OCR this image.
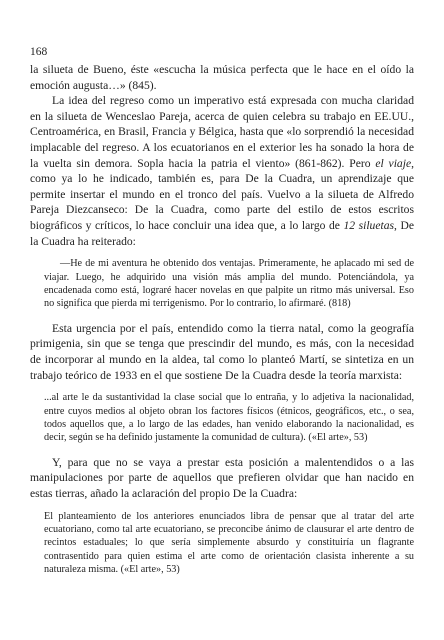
168

la silueta de Bueno, éste «escucha la música perfecta que le hace en el oído la emoción augusta…» (845).

La idea del regreso como un imperativo está expresada con mucha claridad en la silueta de Wenceslao Pareja, acerca de quien celebra su trabajo en EE.UU., Centroamérica, en Brasil, Francia y Bélgica, hasta que «lo sorprendió la necesidad implacable del regreso. A los ecuatorianos en el exterior les ha sonado la hora de la vuelta sin demora. Sopla hacia la patria el viento» (861-862). Pero el viaje, como ya lo he indicado, también es, para De la Cuadra, un aprendizaje que permite insertar el mundo en el tronco del país. Vuelvo a la silueta de Alfredo Pareja Diezcanseco: De la Cuadra, como parte del estilo de estos escritos biográficos y críticos, lo hace concluir una idea que, a lo largo de 12 siluetas, De la Cuadra ha reiterado:

—He de mi aventura he obtenido dos ventajas. Primeramente, he aplacado mi sed de viajar. Luego, he adquirido una visión más amplia del mundo. Potenciándola, ya encadenada como está, lograré hacer novelas en que palpite un ritmo más universal. Eso no significa que pierda mi terrigenismo. Por lo contrario, lo afirmaré. (818)

Esta urgencia por el país, entendido como la tierra natal, como la geografía primigenia, sin que se tenga que prescindir del mundo, es más, con la necesidad de incorporar al mundo en la aldea, tal como lo planteó Martí, se sintetiza en un trabajo teórico de 1933 en el que sostiene De la Cuadra desde la teoría marxista:

...al arte le da sustantividad la clase social que lo entraña, y lo adjetiva la nacionalidad, entre cuyos medios al objeto obran los factores físicos (étnicos, geográficos, etc., o sea, todos aquellos que, a lo largo de las edades, han venido elaborando la nacionalidad, es decir, según se ha definido justamente la comunidad de cultura). («El arte», 53)

Y, para que no se vaya a prestar esta posición a malentendidos o a las manipulaciones por parte de aquellos que prefieren olvidar que han nacido en estas tierras, añado la aclaración del propio De la Cuadra:

El planteamiento de los anteriores enunciados libra de pensar que al tratar del arte ecuatoriano, como tal arte ecuatoriano, se preconcibe ánimo de clausurar el arte dentro de recintos estaduales; lo que sería simplemente absurdo y constituiría un flagrante contrasentido para quien estima el arte como de orientación clasista inherente a su naturaleza misma. («El arte», 53)
